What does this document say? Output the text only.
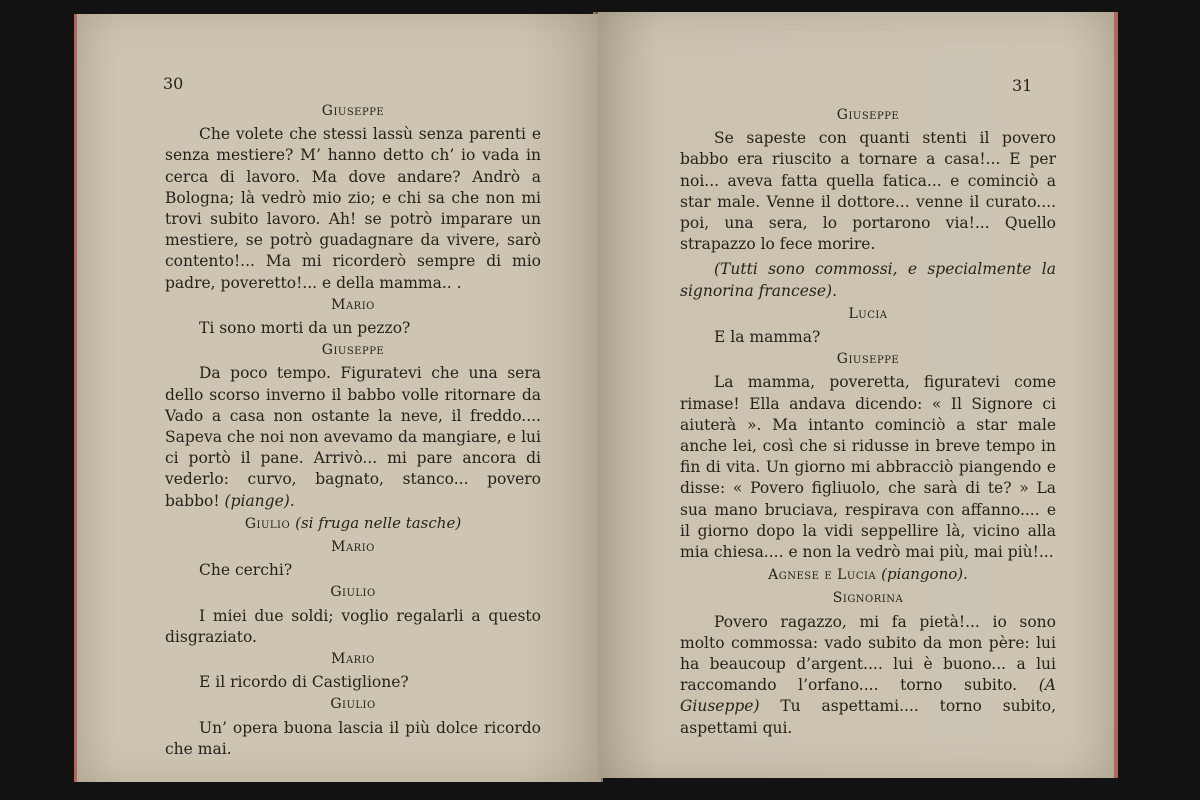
30
Giuseppe

Che volete che stessi lassù senza parenti e senza mestiere? M’ hanno detto ch’ io vada in cerca di lavoro. Ma dove andare? Andrò a Bologna; là vedrò mio zio; e chi sa che non mi trovi subito lavoro. Ah! se potrò imparare un mestiere, se potrò guadagnare da vivere, sarò contento!... Ma mi ricorderò sempre di mio padre, poveretto!... e della mamma.. .

Mario

Ti sono morti da un pezzo?

Giuseppe

Da poco tempo. Figuratevi che una sera dello scorso inverno il babbo volle ritornare da Vado a casa non ostante la neve, il freddo.... Sapeva che noi non avevamo da mangiare, e lui ci portò il pane. Arrivò... mi pare ancora di vederlo: curvo, bagnato, stanco... povero babbo! (piange).

Giulio (si fruga nelle tasche)
Mario

Che cerchi?

Giulio

I miei due soldi; voglio regalarli a questo disgraziato.

Mario

E il ricordo di Castiglione?

Giulio

Un’ opera buona lascia il più dolce ricordo che mai.

31
Giuseppe

Se sapeste con quanti stenti il povero babbo era riuscito a tornare a casa!... E per noi... aveva fatta quella fatica... e cominciò a star male. Venne il dottore... venne il curato.... poi, una sera, lo portarono via!... Quello strapazzo lo fece morire.

(Tutti sono commossi, e specialmente la signorina francese).

Lucia

E la mamma?

Giuseppe

La mamma, poveretta, figuratevi come rimase! Ella andava dicendo: « Il Signore ci aiuterà ». Ma intanto cominciò a star male anche lei, così che si ridusse in breve tempo in fin di vita. Un giorno mi abbracciò piangendo e disse: « Povero figliuolo, che sarà di te? » La sua mano bruciava, respirava con affanno.... e il giorno dopo la vidi seppellire là, vicino alla mia chiesa.... e non la vedrò mai più, mai più!...

Agnese e Lucia (piangono).
Signorina

Povero ragazzo, mi fa pietà!... io sono molto commossa: vado subito da mon père: lui ha beaucoup d’argent.... lui è buono... a lui raccomando l’orfano.... torno subito. (A Giuseppe) Tu aspettami.... torno subito, aspettami qui.
